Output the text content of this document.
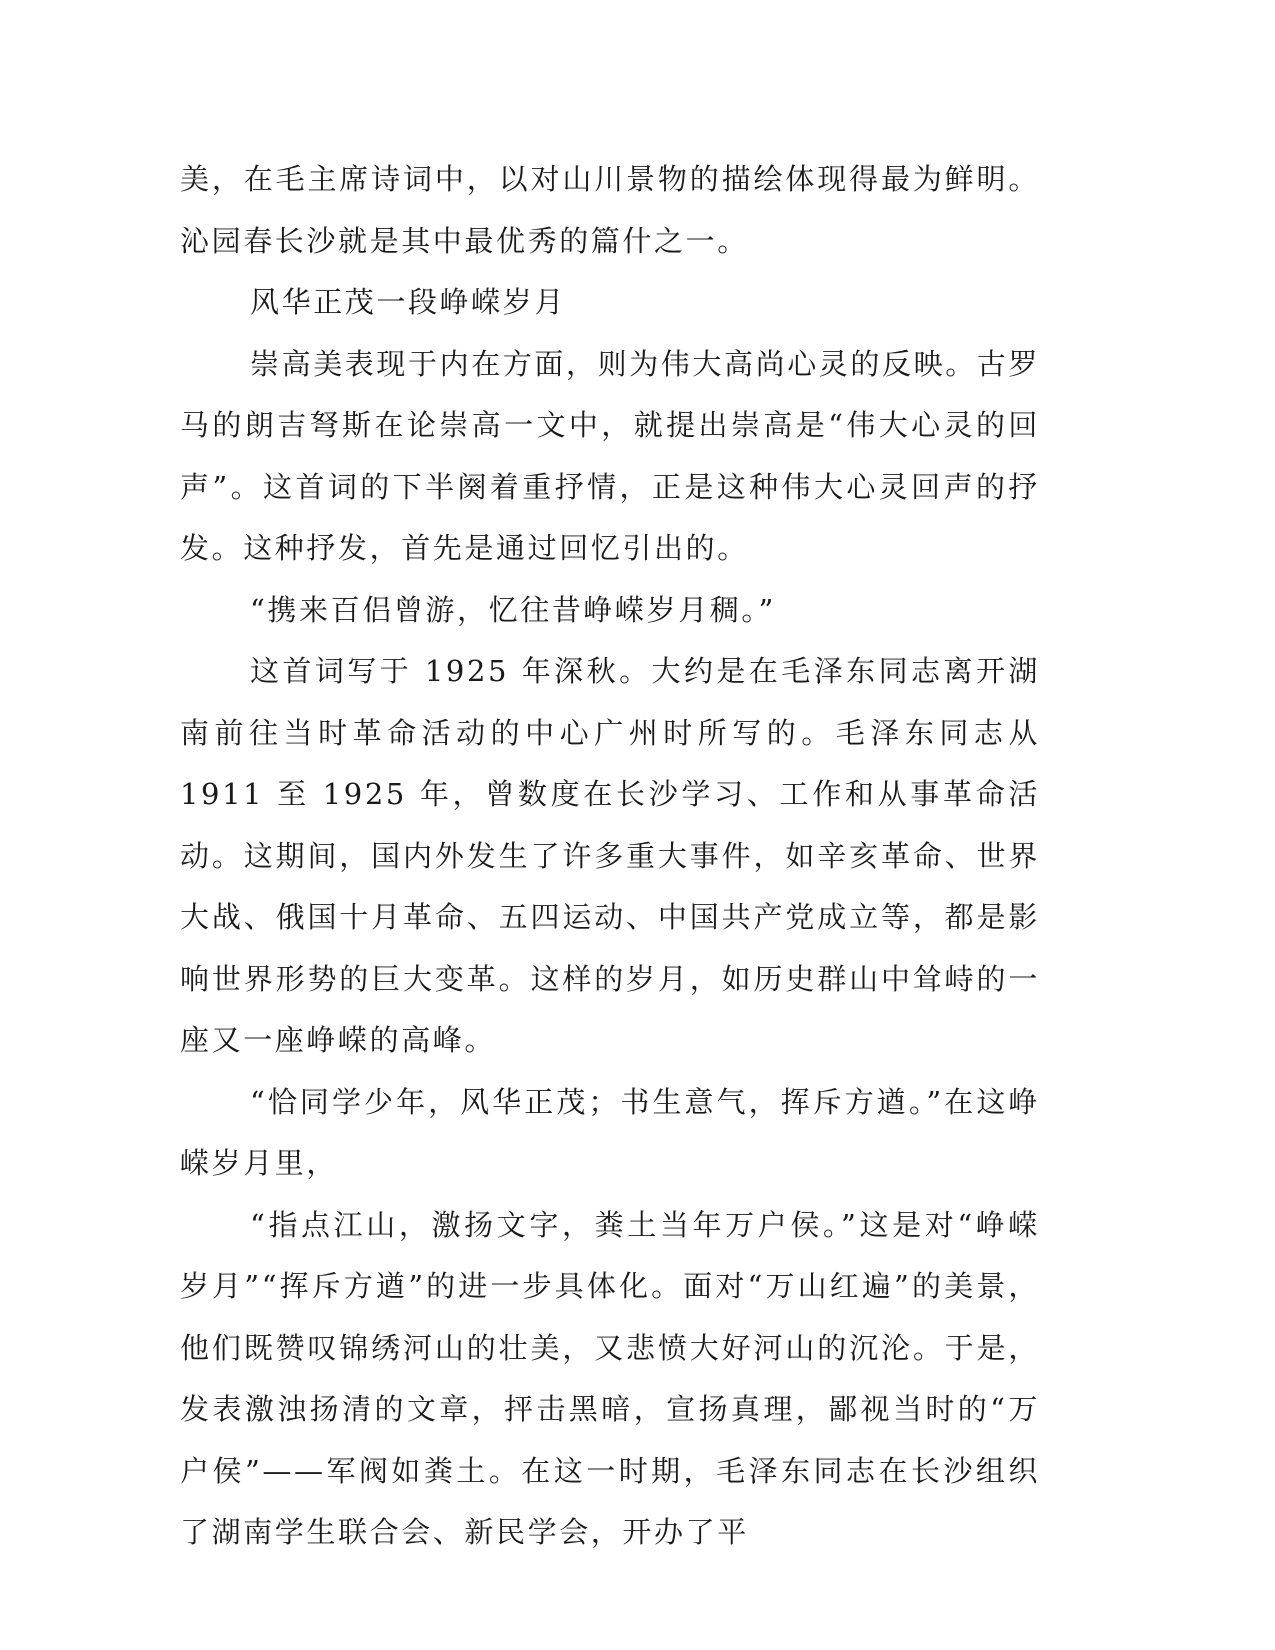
美，在毛主席诗词中，以对山川景物的描绘体现得最为鲜明。沁园春长沙就是其中最优秀的篇什之一。

风华正茂一段峥嵘岁月

崇高美表现于内在方面，则为伟大高尚心灵的反映。古罗马的朗吉弩斯在论崇高一文中，就提出崇高是“伟大心灵的回声”。这首词的下半阕着重抒情，正是这种伟大心灵回声的抒发。这种抒发，首先是通过回忆引出的。

“携来百侣曾游，忆往昔峥嵘岁月稠。”

这首词写于 1925 年深秋。大约是在毛泽东同志离开湖南前往当时革命活动的中心广州时所写的。毛泽东同志从 1911 至 1925 年，曾数度在长沙学习、工作和从事革命活动。这期间，国内外发生了许多重大事件，如辛亥革命、世界大战、俄国十月革命、五四运动、中国共产党成立等，都是影响世界形势的巨大变革。这样的岁月，如历史群山中耸峙的一座又一座峥嵘的高峰。

“恰同学少年，风华正茂；书生意气，挥斥方遒。”在这峥嵘岁月里，

“指点江山，激扬文字，粪土当年万户侯。”这是对“峥嵘岁月”“挥斥方遒”的进一步具体化。面对“万山红遍”的美景，他们既赞叹锦绣河山的壮美，又悲愤大好河山的沉沦。于是，发表激浊扬清的文章，抨击黑暗，宣扬真理，鄙视当时的“万户侯”——军阀如粪土。在这一时期，毛泽东同志在长沙组织了湖南学生联合会、新民学会，开办了平
